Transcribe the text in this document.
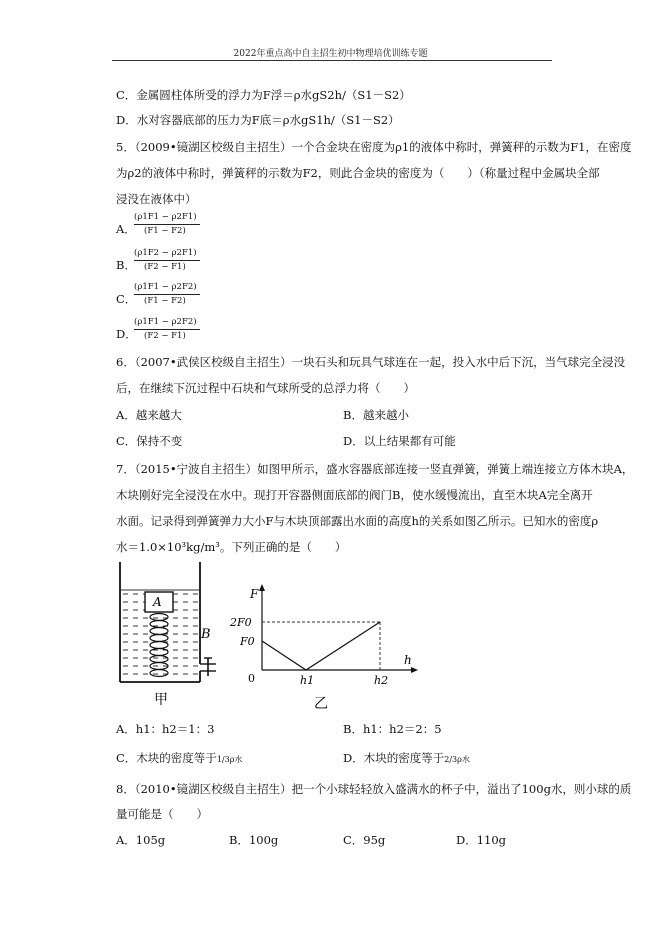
2022年重点高中自主招生初中物理培优训练专题
C．金属圆柱体所受的浮力为F浮＝ρ水gS2h/（S1－S2）
D．水对容器底部的压力为F底＝ρ水gS1h/（S1－S2）
5．（2009•镜湖区校级自主招生）一个合金块在密度为ρ1的液体中称时，弹簧秤的示数为F1，在密度
为ρ2的液体中称时，弹簧秤的示数为F2，则此合金块的密度为（　　）（称量过程中金属块全部
浸没在液体中）
A．
(ρ1F1 − ρ2F1)
(F1 − F2)
B．
(ρ1F2 − ρ2F1)
(F2 − F1)
C．
(ρ1F1 − ρ2F2)
(F1 − F2)
D．
(ρ1F1 − ρ2F2)
(F2 − F1)
6．（2007•武侯区校级自主招生）一块石头和玩具气球连在一起，投入水中后下沉，当气球完全浸没
后，在继续下沉过程中石块和气球所受的总浮力将（　　）
A．越来越大	B．越来越小
C．保持不变	D．以上结果都有可能
7．（2015•宁波自主招生）如图甲所示，盛水容器底部连接一竖直弹簧，弹簧上端连接立方体木块A，
木块刚好完全浸没在水中。现打开容器侧面底部的阀门B，使水缓慢流出，直至木块A完全离开
水面。记录得到弹簧弹力大小F与木块顶部露出水面的高度h的关系如图乙所示。已知水的密度ρ
水＝1.0×10³kg/m³。下列正确的是（　　）
A
B
甲
F
h
2F0
F0
0	h1	h2
乙
A．h1：h2＝1：3	B．h1：h2＝2：5
C．木块的密度等于1/3ρ水	D．木块的密度等于2/3ρ水
8．（2010•镜湖区校级自主招生）把一个小球轻轻放入盛满水的杯子中，溢出了100g水，则小球的质
量可能是（　　）
A．105g	B．100g	C．95g	D．110g
